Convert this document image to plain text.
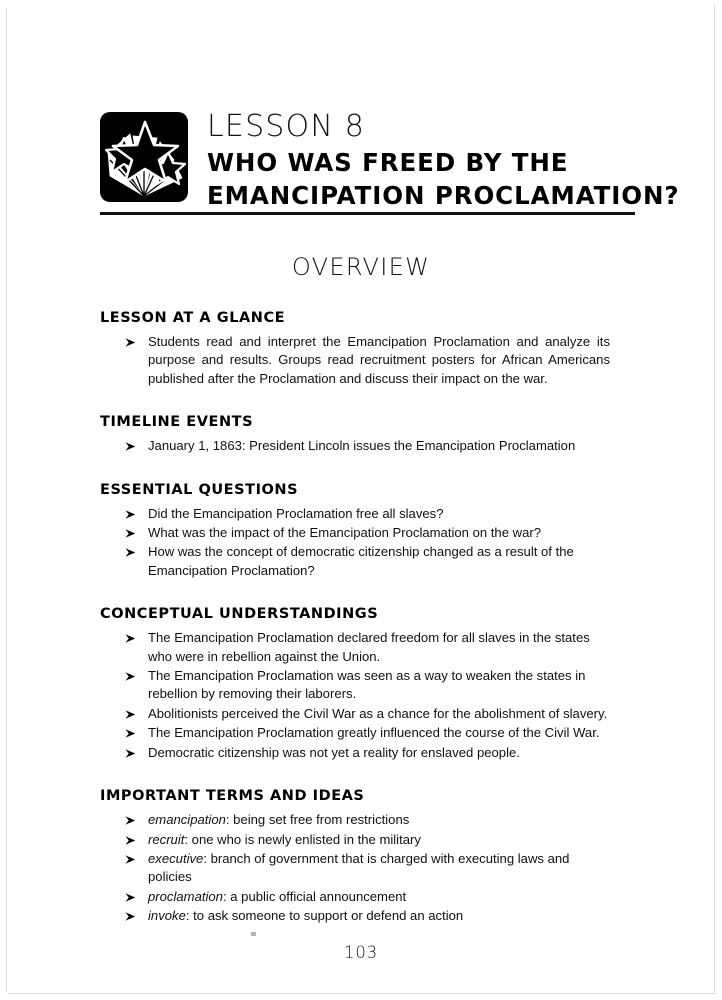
LESSON 8
WHO WAS FREED BY THE
EMANCIPATION PROCLAMATION?
OVERVIEW
LESSON AT A GLANCE
Students read and interpret the Emancipation Proclamation and analyze its purpose and results. Groups read recruitment posters for African Americans published after the Proclamation and discuss their impact on the war.
TIMELINE EVENTS
January 1, 1863: President Lincoln issues the Emancipation Proclamation
ESSENTIAL QUESTIONS
Did the Emancipation Proclamation free all slaves?
What was the impact of the Emancipation Proclamation on the war?
How was the concept of democratic citizenship changed as a result of the Emancipation Proclamation?
CONCEPTUAL UNDERSTANDINGS
The Emancipation Proclamation declared freedom for all slaves in the states who were in rebellion against the Union.
The Emancipation Proclamation was seen as a way to weaken the states in rebellion by removing their laborers.
Abolitionists perceived the Civil War as a chance for the abolishment of slavery.
The Emancipation Proclamation greatly influenced the course of the Civil War.
Democratic citizenship was not yet a reality for enslaved people.
IMPORTANT TERMS AND IDEAS
emancipation: being set free from restrictions
recruit: one who is newly enlisted in the military
executive: branch of government that is charged with executing laws and policies
proclamation: a public official announcement
invoke: to ask someone to support or defend an action
103
